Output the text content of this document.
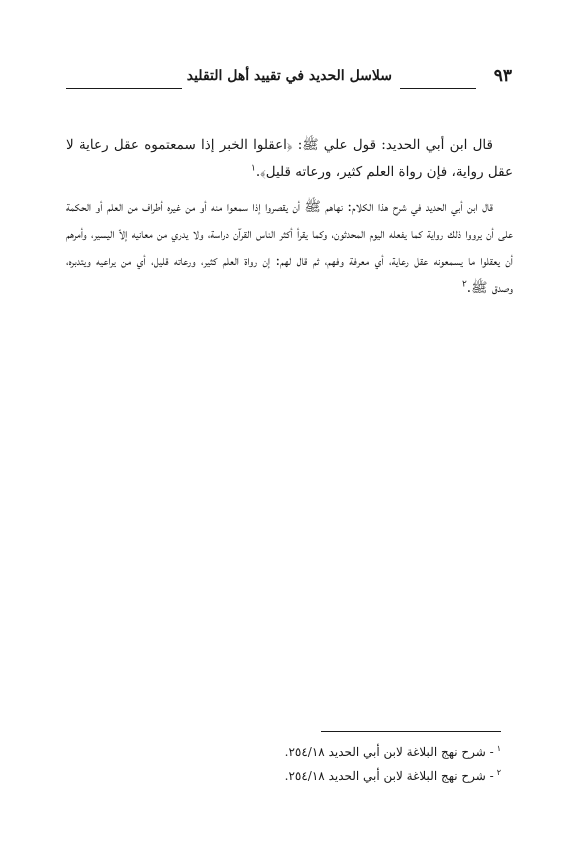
٩٣
سلاسل الحديد في تقييد أهل التقليد

قال ابن أبي الحديد: قول علي ﷺ: ﴿اعقلوا الخبر إذا سمعتموه عقل رعاية لا عقل رواية، فإن رواة العلم كثير، ورعاته قليل﴾.$^١$

قال ابن أبي الحديد في شرح هذا الكلام: نهاهم ﷺ أن يقصروا إذا سمعوا منه أو من غيره أطراف من العلم أو الحكمة على أن يرووا ذلك رواية كما يفعله اليوم المحدثون، وكما يقرأ أكثر الناس القرآن دراسة، ولا يدري من معانيه إلاّ اليسير، وأمرهم أن يعقلوا ما يسمعونه عقل رعاية، أي معرفة وفهم، ثم قال لهم: إن رواة العلم كثير، ورعاته قليل، أي من يراعيه ويتدبره، وصدق ﷺ.$^٢$

$^١$- شرح نهج البلاغة لابن أبي الحديد ٢٥٤/١٨.
$^٢$- شرح نهج البلاغة لابن أبي الحديد ٢٥٤/١٨.
